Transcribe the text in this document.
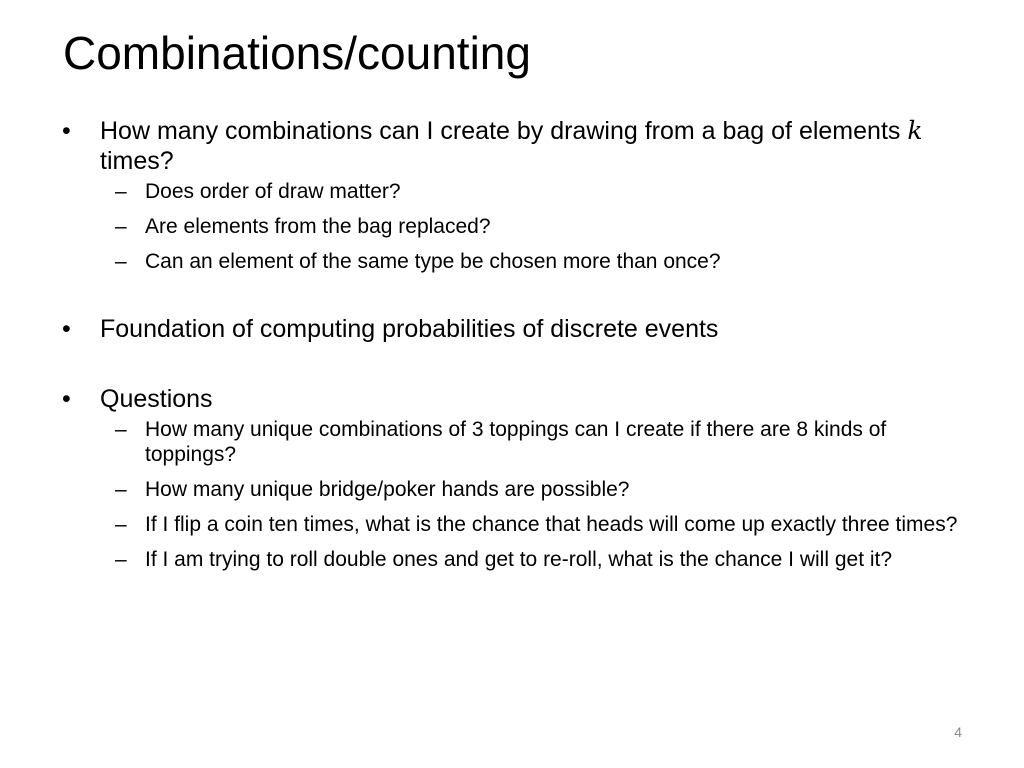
Combinations/counting
•	How many combinations can I create by drawing from a bag of elements k times?
– Does order of draw matter?
– Are elements from the bag replaced?
– Can an element of the same type be chosen more than once?
•	Foundation of computing probabilities of discrete events
•	Questions
– How many unique combinations of 3 toppings can I create if there are 8 kinds of toppings?
– How many unique bridge/poker hands are possible?
– If I flip a coin ten times, what is the chance that heads will come up exactly three times?
– If I am trying to roll double ones and get to re-roll, what is the chance I will get it?
4
